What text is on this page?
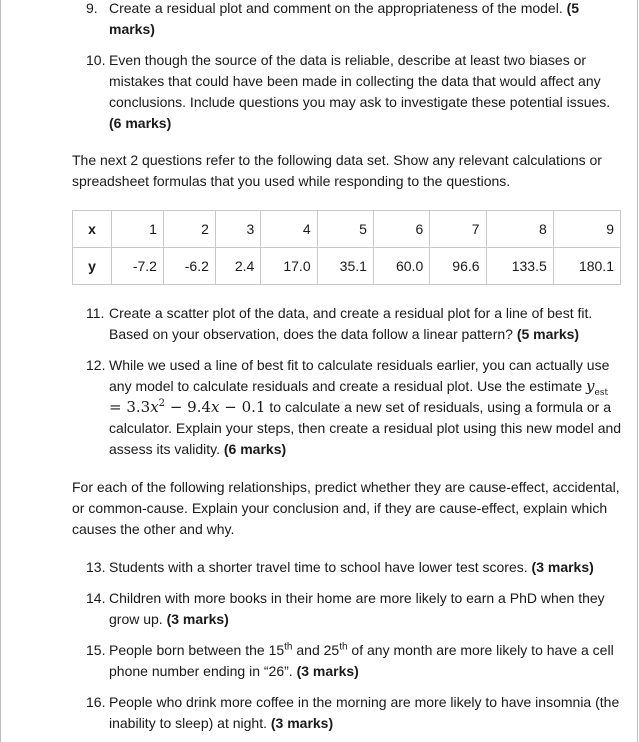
9. Create a residual plot and comment on the appropriateness of the model. (5 marks)
10. Even though the source of the data is reliable, describe at least two biases or mistakes that could have been made in collecting the data that would affect any conclusions. Include questions you may ask to investigate these potential issues. (6 marks)
The next 2 questions refer to the following data set. Show any relevant calculations or spreadsheet formulas that you used while responding to the questions.
x	1	2	3	4	5	6	7	8	9
y	-7.2	-6.2	2.4	17.0	35.1	60.0	96.6	133.5	180.1
11. Create a scatter plot of the data, and create a residual plot for a line of best fit. Based on your observation, does the data follow a linear pattern? (5 marks)
12. While we used a line of best fit to calculate residuals earlier, you can actually use any model to calculate residuals and create a residual plot. Use the estimate $y_{est} = 3.3x^2 - 9.4x - 0.1$ to calculate a new set of residuals, using a formula or a calculator. Explain your steps, then create a residual plot using this new model and assess its validity. (6 marks)
For each of the following relationships, predict whether they are cause-effect, accidental, or common-cause. Explain your conclusion and, if they are cause-effect, explain which causes the other and why.
13. Students with a shorter travel time to school have lower test scores. (3 marks)
14. Children with more books in their home are more likely to earn a PhD when they grow up. (3 marks)
15. People born between the 15th and 25th of any month are more likely to have a cell phone number ending in “26”. (3 marks)
16. People who drink more coffee in the morning are more likely to have insomnia (the inability to sleep) at night. (3 marks)
